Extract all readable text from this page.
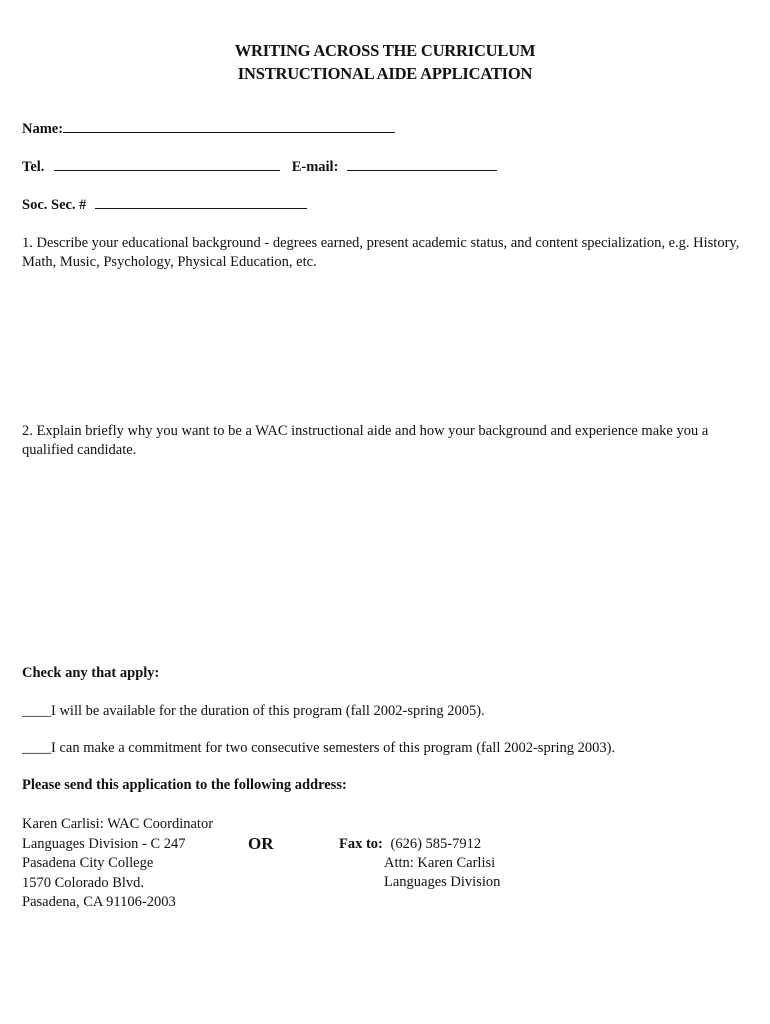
WRITING ACROSS THE CURRICULUM
INSTRUCTIONAL AIDE APPLICATION
Name:
Tel.	E-mail:
Soc. Sec. #
1. Describe your educational background - degrees earned, present academic status, and content specialization, e.g. History, Math, Music, Psychology, Physical Education, etc.
2. Explain briefly why you want to be a WAC instructional aide and how your background and experience make you a qualified candidate.
Check any that apply:
____I will be available for the duration of this program (fall 2002-spring 2005).
____I can make a commitment for two consecutive semesters of this program (fall 2002-spring 2003).
Please send this application to the following address:
Karen Carlisi: WAC Coordinator
Languages Division - C 247
Pasadena City College
1570 Colorado Blvd.
Pasadena, CA 91106-2003
OR	Fax to: (626) 585-7912
Attn: Karen Carlisi
Languages Division
